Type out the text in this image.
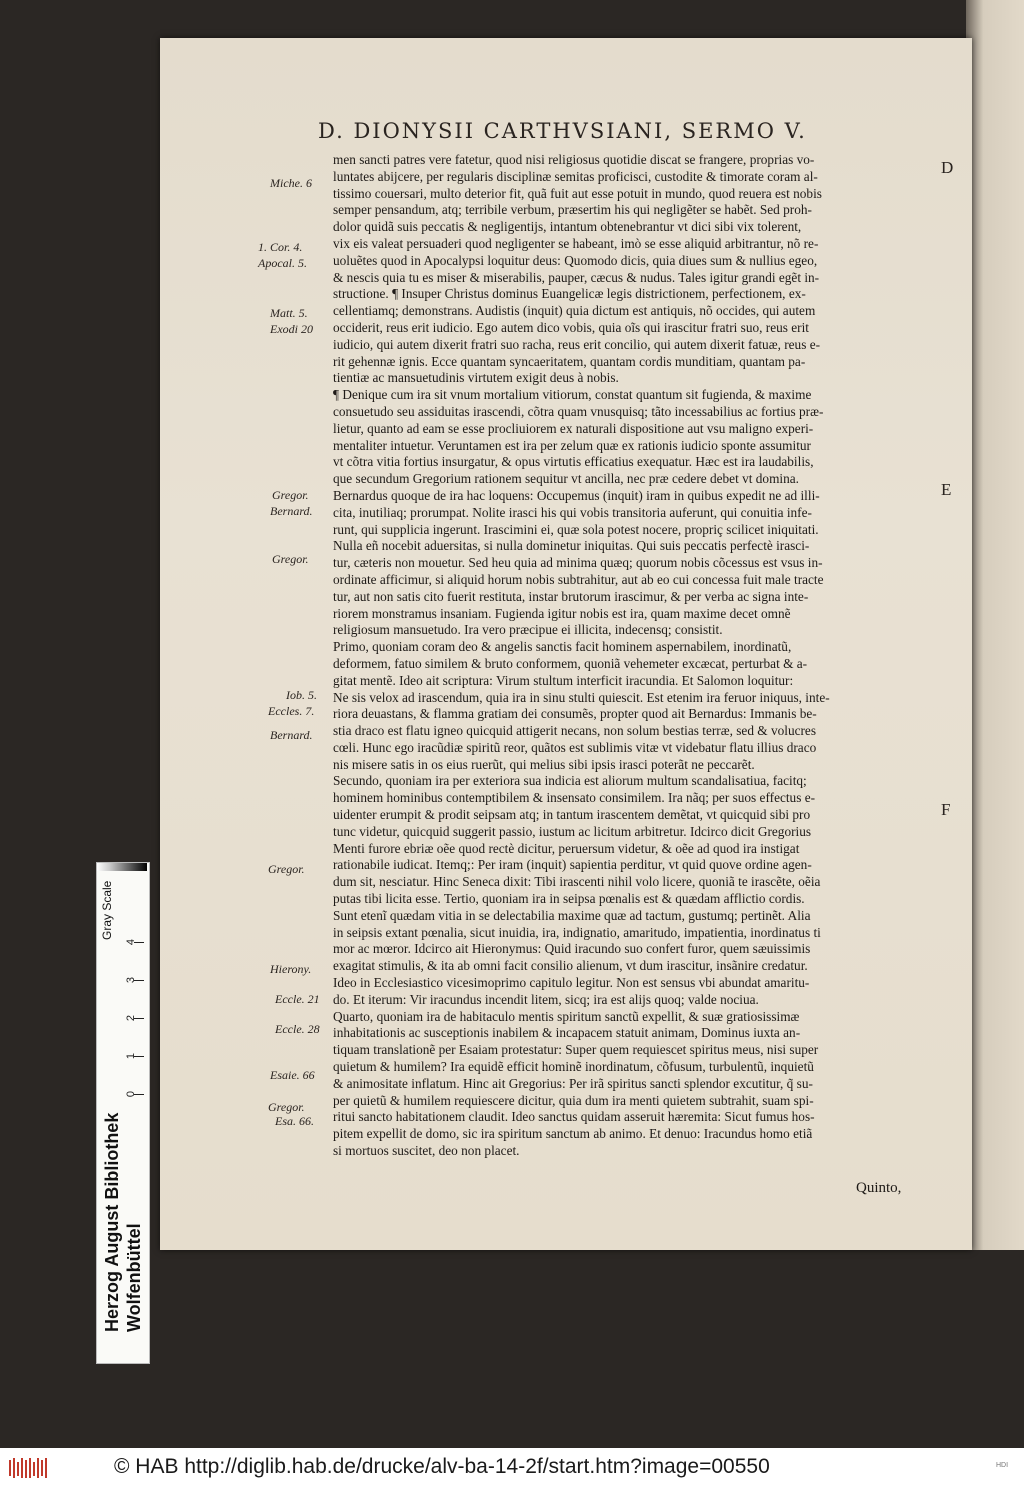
D. DIONYSII CARTHVSIANI, SERMO V.
men sancti patres vere fatetur, quod nisi religiosus quotidie discat se frangere, proprias vo-
luntates abijcere, per regularis disciplinæ semitas proficisci, custodite & timorate coram al-
tissimo couersari, multo deterior fit, quã fuit aut esse potuit in mundo, quod reuera est nobis
semper pensandum, atq; terribile verbum, præsertim his qui negligẽter se habẽt. Sed proh-
dolor quidã suis peccatis & negligentijs, intantum obtenebrantur vt dici sibi vix tolerent,
vix eis valeat persuaderi quod negligenter se habeant, imò se esse aliquid arbitrantur, nõ re-
uoluẽtes quod in Apocalypsi loquitur deus: Quomodo dicis, quia diues sum & nullius egeo,
& nescis quia tu es miser & miserabilis, pauper, cæcus & nudus. Tales igitur grandi egẽt in-
structione. ¶ Insuper Christus dominus Euangelicæ legis districtionem, perfectionem, ex-
cellentiamq; demonstrans. Audistis (inquit) quia dictum est antiquis, nõ occides, qui autem
occiderit, reus erit iudicio. Ego autem dico vobis, quia oĩs qui irascitur fratri suo, reus erit
iudicio, qui autem dixerit fratri suo racha, reus erit concilio, qui autem dixerit fatuæ, reus e-
rit gehennæ ignis. Ecce quantam syncaeritatem, quantam cordis munditiam, quantam pa-
tientiæ ac mansuetudinis virtutem exigit deus à nobis.
¶ Denique cum ira sit vnum mortalium vitiorum, constat quantum sit fugienda, & maxime
consuetudo seu assiduitas irascendi, cõtra quam vnusquisq; tãto incessabilius ac fortius præ-
lietur, quanto ad eam se esse procliuiorem ex naturali dispositione aut vsu maligno experi-
mentaliter intuetur. Veruntamen est ira per zelum quæ ex rationis iudicio sponte assumitur
vt cõtra vitia fortius insurgatur, & opus virtutis efficatius exequatur. Hæc est ira laudabilis,
que secundum Gregorium rationem sequitur vt ancilla, nec præ cedere debet vt domina.
Bernardus quoque de ira hac loquens: Occupemus (inquit) iram in quibus expedit ne ad illi-
cita, inutiliaq; prorumpat. Nolite irasci his qui vobis transitoria auferunt, qui conuitia infe-
runt, qui supplicia ingerunt. Irascimini ei, quæ sola potest nocere, propriç scilicet iniquitati.
Nulla eñ nocebit aduersitas, si nulla dominetur iniquitas. Qui suis peccatis perfectè irasci-
tur, cæteris non mouetur. Sed heu quia ad minima quæq; quorum nobis cõcessus est vsus in-
ordinate afficimur, si aliquid horum nobis subtrahitur, aut ab eo cui concessa fuit male tracte
tur, aut non satis cito fuerit restituta, instar brutorum irascimur, & per verba ac signa inte-
riorem monstramus insaniam. Fugienda igitur nobis est ira, quam maxime decet omnẽ
religiosum mansuetudo. Ira vero præcipue ei illicita, indecensq; consistit.
Primo, quoniam coram deo & angelis sanctis facit hominem aspernabilem, inordinatũ,
deformem, fatuo similem & bruto conformem, quoniã vehemeter excæcat, perturbat & a-
gitat mentẽ. Ideo ait scriptura: Virum stultum interficit iracundia. Et Salomon loquitur:
Ne sis velox ad irascendum, quia ira in sinu stulti quiescit. Est etenim ira feruor iniquus, inte-
riora deuastans, & flamma gratiam dei consumẽs, propter quod ait Bernardus: Immanis be-
stia draco est flatu igneo quicquid attigerit necans, non solum bestias terræ, sed & volucres
cœli. Hunc ego iracũdiæ spiritũ reor, quãtos est sublimis vitæ vt videbatur flatu illius draco
nis misere satis in os eius ruerũt, qui melius sibi ipsis irasci poterãt ne peccarẽt.
Secundo, quoniam ira per exteriora sua indicia est aliorum multum scandalisatiua, facitq;
hominem hominibus contemptibilem & insensato consimilem. Ira nãq; per suos effectus e-
uidenter erumpit & prodit seipsam atq; in tantum irascentem demẽtat, vt quicquid sibi pro
tunc videtur, quicquid suggerit passio, iustum ac licitum arbitretur. Idcirco dicit Gregorius
Menti furore ebriæ oẽe quod rectè dicitur, peruersum videtur, & oẽe ad quod ira instigat
rationabile iudicat. Itemq;: Per iram (inquit) sapientia perditur, vt quid quove ordine agen-
dum sit, nesciatur. Hinc Seneca dixit: Tibi irascenti nihil volo licere, quoniã te irascẽte, oẽia
putas tibi licita esse. Tertio, quoniam ira in seipsa pœnalis est & quædam afflictio cordis.
Sunt etenĩ quædam vitia in se delectabilia maxime quæ ad tactum, gustumq; pertinẽt. Alia
in seipsis extant pœnalia, sicut inuidia, ira, indignatio, amaritudo, impatientia, inordinatus ti
mor ac mœror. Idcirco ait Hieronymus: Quid iracundo suo confert furor, quem sæuissimis
exagitat stimulis, & ita ab omni facit consilio alienum, vt dum irascitur, insãnire credatur.
Ideo in Ecclesiastico vicesimoprimo capitulo legitur. Non est sensus vbi abundat amaritu-
do. Et iterum: Vir iracundus incendit litem, sicq; ira est alijs quoq; valde nociua.
Quarto, quoniam ira de habitaculo mentis spiritum sanctũ expellit, & suæ gratiosissimæ
inhabitationis ac susceptionis inabilem & incapacem statuit animam, Dominus iuxta an-
tiquam translationẽ per Esaiam protestatur: Super quem requiescet spiritus meus, nisi super
quietum & humilem? Ira equidẽ efficit hominẽ inordinatum, cõfusum, turbulentũ, inquietũ
& animositate inflatum. Hinc ait Gregorius: Per irã spiritus sancti splendor excutitur, q̃ su-
per quietũ & humilem requiescere dicitur, quia dum ira menti quietem subtrahit, suam spi-
ritui sancto habitationem claudit. Ideo sanctus quidam asseruit hæremita: Sicut fumus hos-
pitem expellit de domo, sic ira spiritum sanctum ab animo. Et denuo: Iracundus homo etiã
si mortuos suscitet, deo non placet.
Miche. 6
1. Cor. 4.
Apocal. 5.
Matt. 5.
Exodi 20
Gregor.
Bernard.
Gregor.
Iob. 5.
Eccles. 7.
Bernard.
Gregor.
Hierony.
Eccle. 21
Eccle. 28
Esaie. 66
Gregor.
Esa. 66.
D
E
F
Quinto,
Gray Scale
0
1
2
3
4
Herzog August Bibliothek Wolfenbüttel
© HAB http://diglib.hab.de/drucke/alv-ba-14-2f/start.htm?image=00550	HDI
